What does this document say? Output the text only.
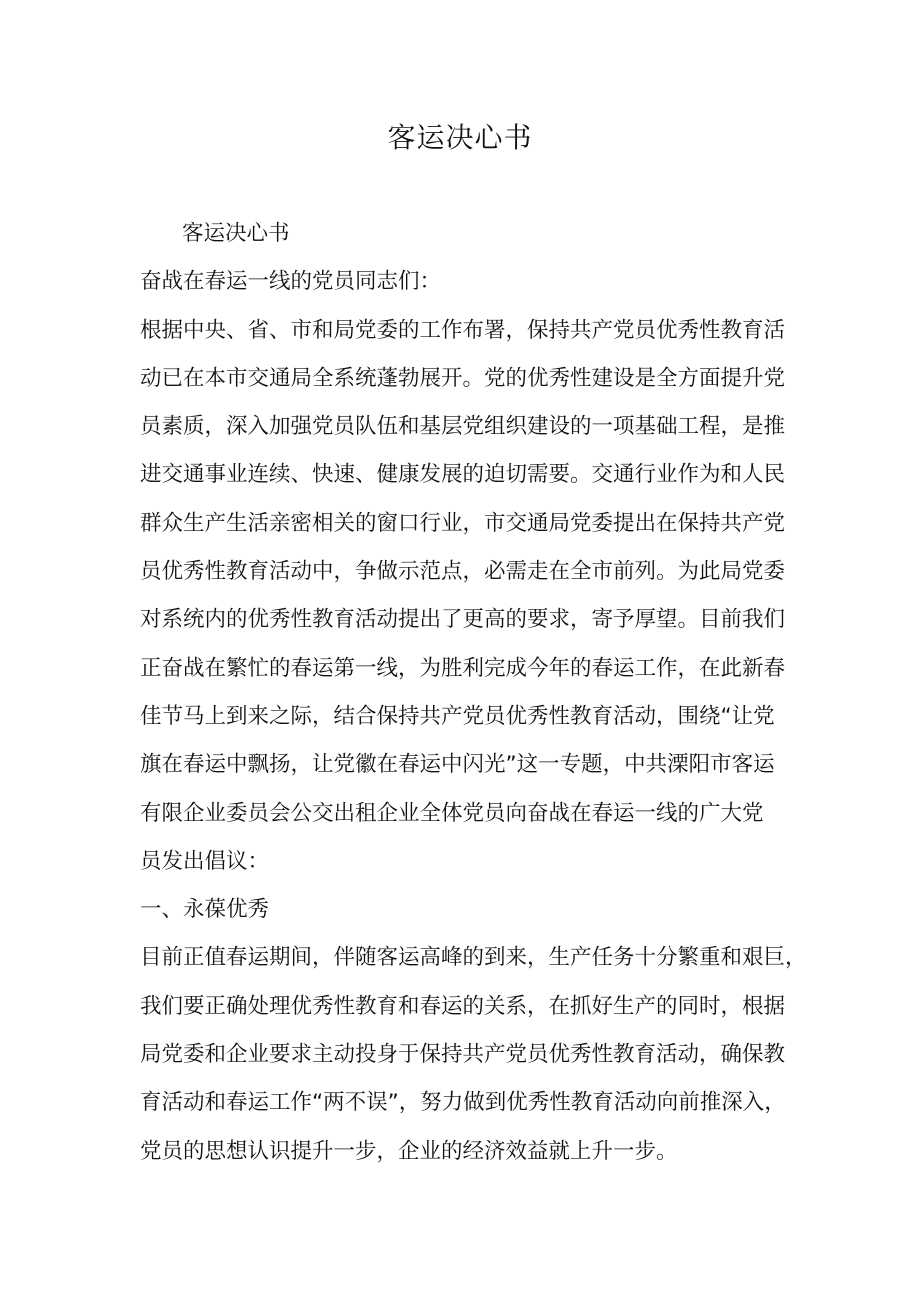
客运决心书
客运决心书
奋战在春运一线的党员同志们：
根据中央、省、市和局党委的工作布署，保持共产党员优秀性教育活
动已在本市交通局全系统蓬勃展开。党的优秀性建设是全方面提升党
员素质，深入加强党员队伍和基层党组织建设的一项基础工程，是推
进交通事业连续、快速、健康发展的迫切需要。交通行业作为和人民
群众生产生活亲密相关的窗口行业，市交通局党委提出在保持共产党
员优秀性教育活动中，争做示范点，必需走在全市前列。为此局党委
对系统内的优秀性教育活动提出了更高的要求，寄予厚望。目前我们
正奋战在繁忙的春运第一线，为胜利完成今年的春运工作，在此新春
佳节马上到来之际，结合保持共产党员优秀性教育活动，围绕“让党
旗在春运中飘扬，让党徽在春运中闪光”这一专题，中共溧阳市客运
有限企业委员会公交出租企业全体党员向奋战在春运一线的广大党
员发出倡议：
一、永葆优秀
目前正值春运期间，伴随客运高峰的到来，生产任务十分繁重和艰巨，
我们要正确处理优秀性教育和春运的关系，在抓好生产的同时，根据
局党委和企业要求主动投身于保持共产党员优秀性教育活动，确保教
育活动和春运工作“两不误”，努力做到优秀性教育活动向前推深入，
党员的思想认识提升一步，企业的经济效益就上升一步。
